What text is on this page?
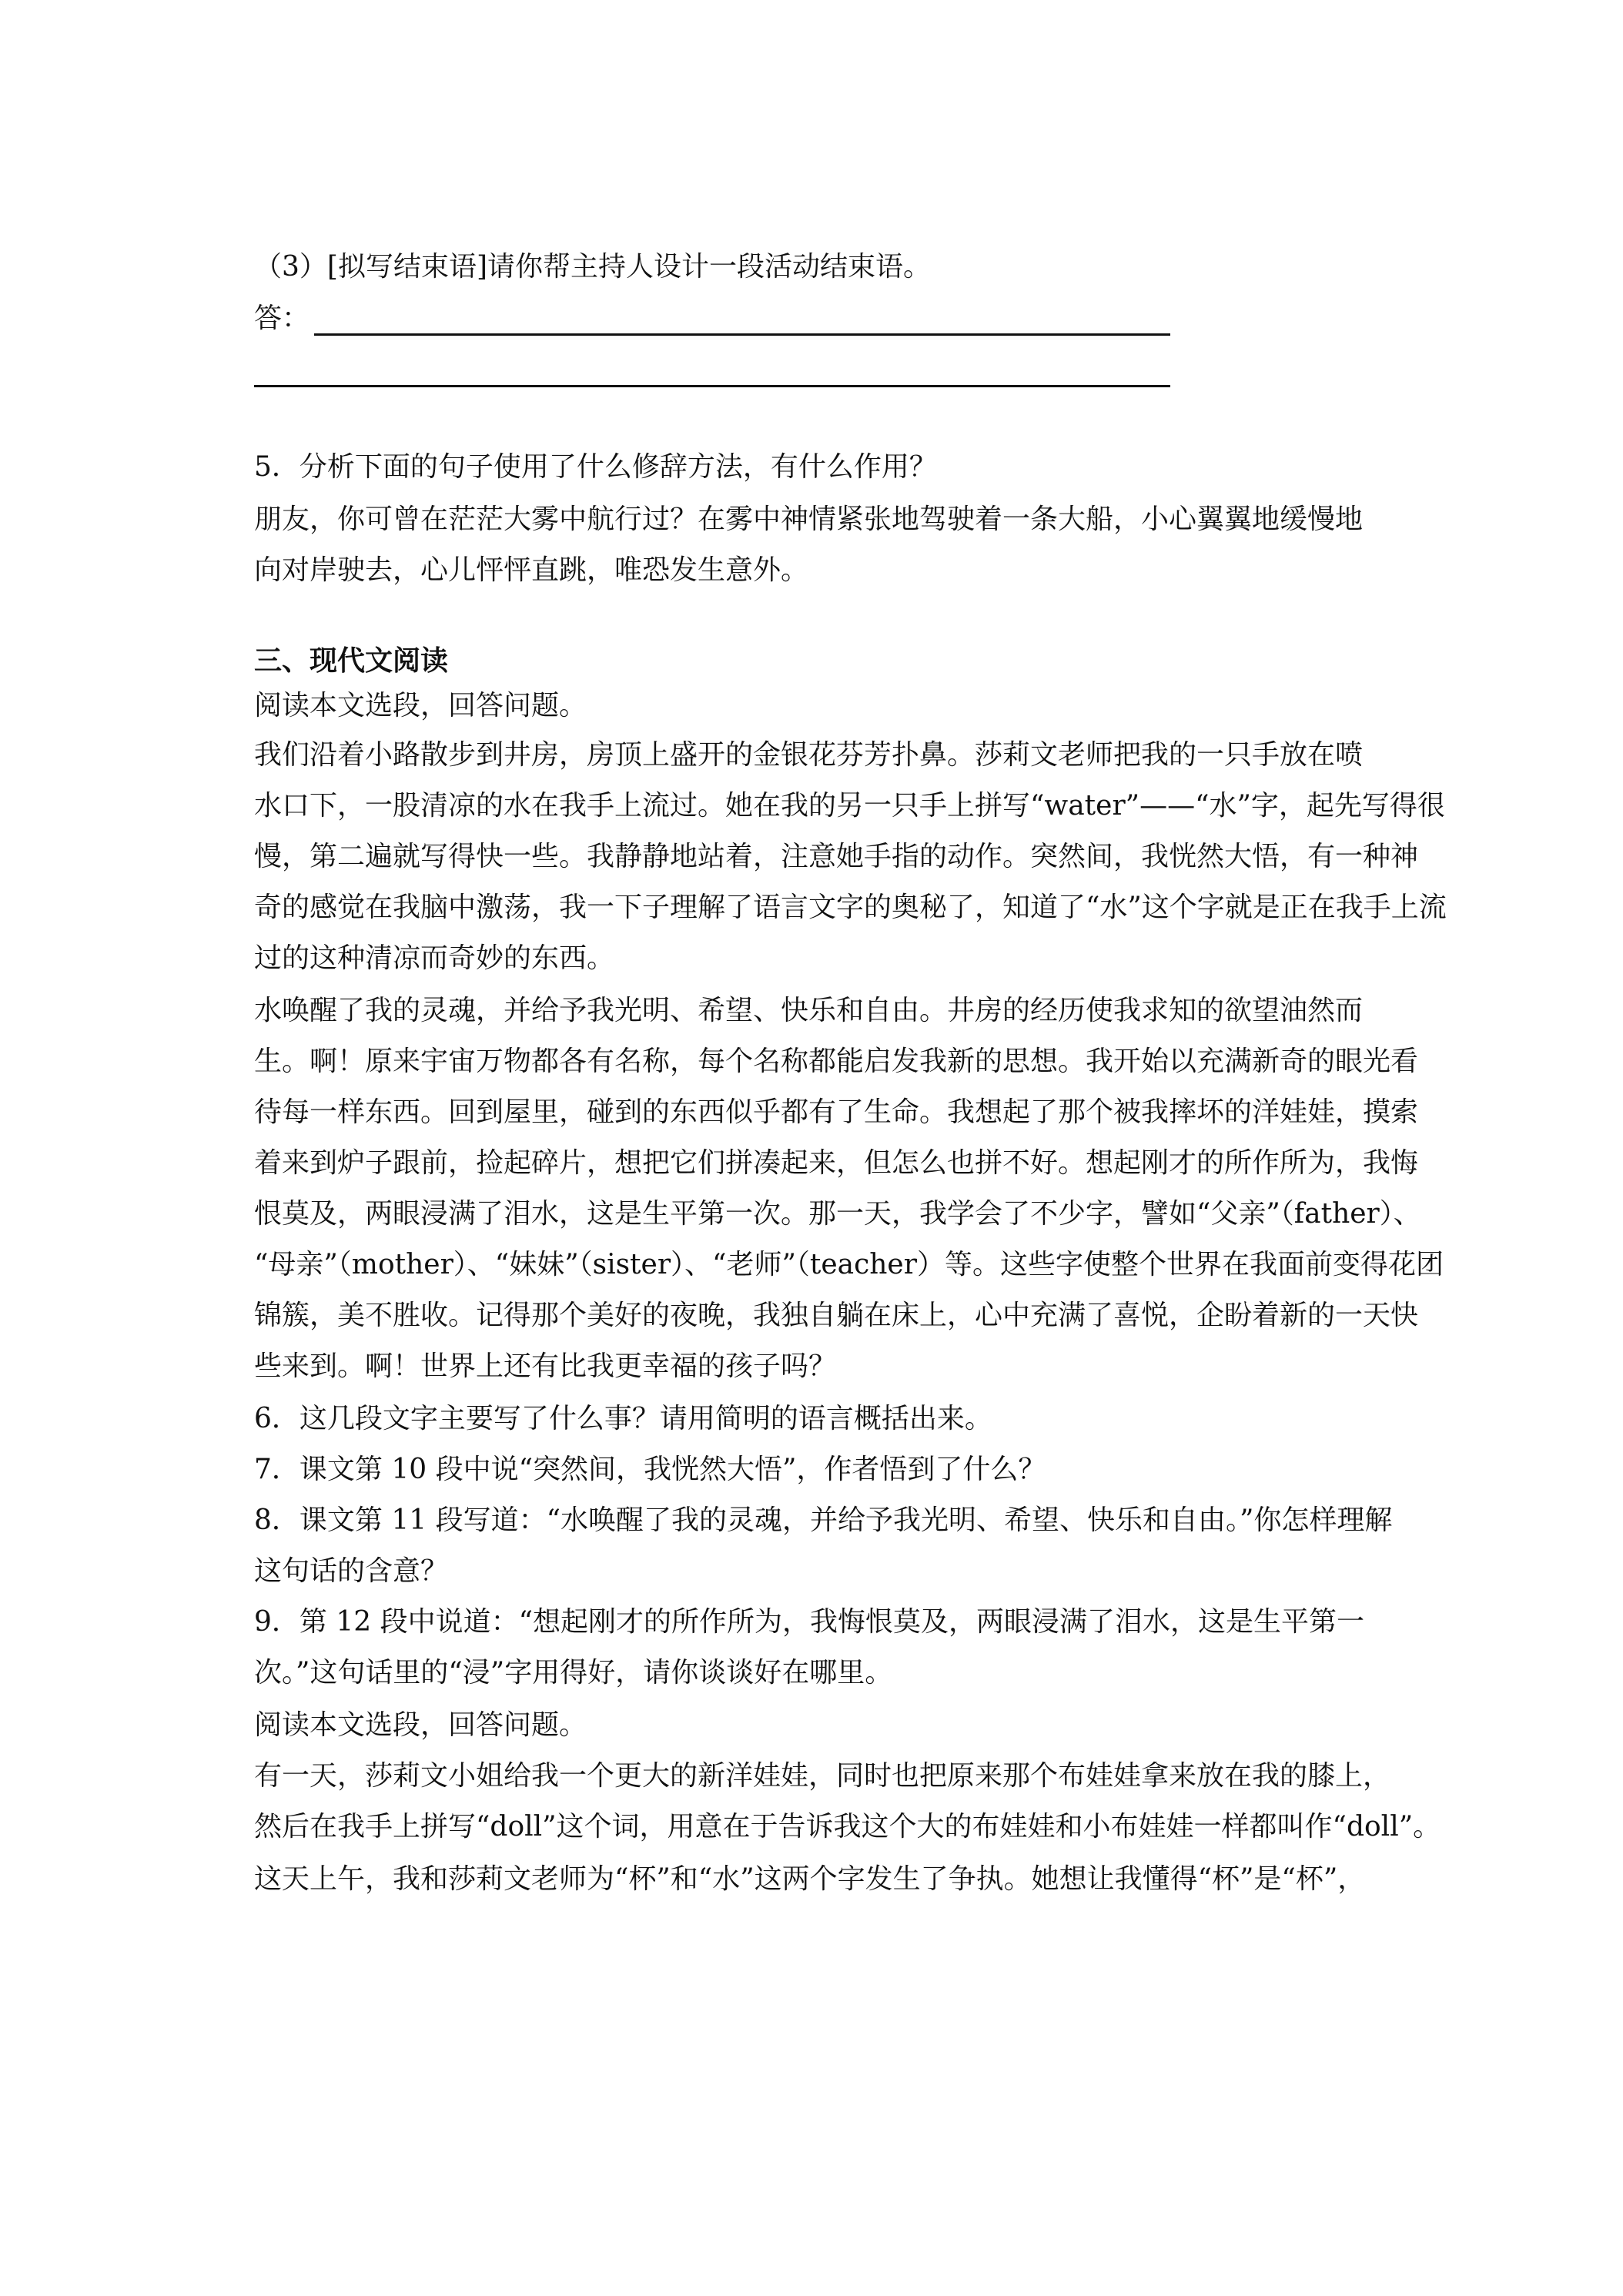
（3）[拟写结束语]请你帮主持人设计一段活动结束语。

答：

5．分析下面的句子使用了什么修辞方法，有什么作用？

朋友，你可曾在茫茫大雾中航行过？在雾中神情紧张地驾驶着一条大船，小心翼翼地缓慢地

向对岸驶去，心儿怦怦直跳，唯恐发生意外。

三、现代文阅读

阅读本文选段，回答问题。

我们沿着小路散步到井房，房顶上盛开的金银花芬芳扑鼻。莎莉文老师把我的一只手放在喷

水口下，一股清凉的水在我手上流过。她在我的另一只手上拼写“water”——“水”字，起先写得很

慢，第二遍就写得快一些。我静静地站着，注意她手指的动作。突然间，我恍然大悟，有一种神

奇的感觉在我脑中激荡，我一下子理解了语言文字的奥秘了，知道了“水”这个字就是正在我手上流

过的这种清凉而奇妙的东西。

水唤醒了我的灵魂，并给予我光明、希望、快乐和自由。井房的经历使我求知的欲望油然而

生。啊！原来宇宙万物都各有名称，每个名称都能启发我新的思想。我开始以充满新奇的眼光看

待每一样东西。回到屋里，碰到的东西似乎都有了生命。我想起了那个被我摔坏的洋娃娃，摸索

着来到炉子跟前，捡起碎片，想把它们拼凑起来，但怎么也拼不好。想起刚才的所作所为，我悔

恨莫及，两眼浸满了泪水，这是生平第一次。那一天，我学会了不少字，譬如“父亲”（father）、

“母亲”（mother）、“妹妹”（sister）、“老师”（teacher）等。这些字使整个世界在我面前变得花团

锦簇，美不胜收。记得那个美好的夜晚，我独自躺在床上，心中充满了喜悦，企盼着新的一天快

些来到。啊！世界上还有比我更幸福的孩子吗？

6．这几段文字主要写了什么事？请用简明的语言概括出来。

7．课文第 10 段中说“突然间，我恍然大悟”，作者悟到了什么？

8．课文第 11 段写道：“水唤醒了我的灵魂，并给予我光明、希望、快乐和自由。”你怎样理解

这句话的含意？

9．第 12 段中说道：“想起刚才的所作所为，我悔恨莫及，两眼浸满了泪水，这是生平第一

次。”这句话里的“浸”字用得好，请你谈谈好在哪里。

阅读本文选段，回答问题。

有一天，莎莉文小姐给我一个更大的新洋娃娃，同时也把原来那个布娃娃拿来放在我的膝上，

然后在我手上拼写“doll”这个词，用意在于告诉我这个大的布娃娃和小布娃娃一样都叫作“doll”。

这天上午，我和莎莉文老师为“杯”和“水”这两个字发生了争执。她想让我懂得“杯”是“杯”，
